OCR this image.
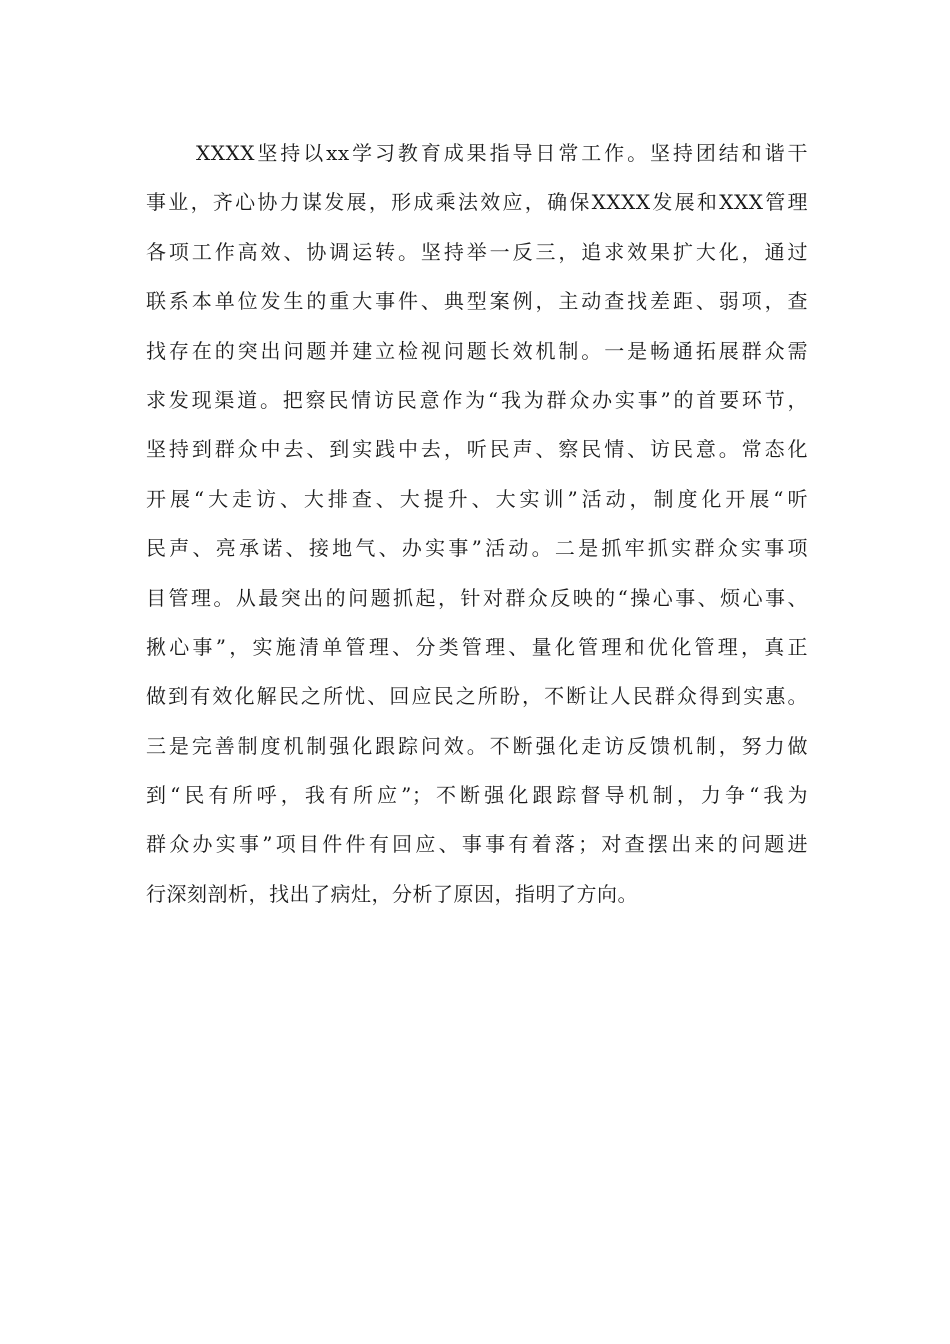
XXXX坚持以xx学习教育成果指导日常工作。坚持团结和谐干
事业，齐心协力谋发展，形成乘法效应，确保XXXX发展和XXX管理
各项工作高效、协调运转。坚持举一反三，追求效果扩大化，通过
联系本单位发生的重大事件、典型案例，主动查找差距、弱项，查
找存在的突出问题并建立检视问题长效机制。一是畅通拓展群众需
求发现渠道。把察民情访民意作为“我为群众办实事”的首要环节，
坚持到群众中去、到实践中去，听民声、察民情、访民意。常态化
开展“大走访、大排查、大提升、大实训”活动，制度化开展“听
民声、亮承诺、接地气、办实事”活动。二是抓牢抓实群众实事项
目管理。从最突出的问题抓起，针对群众反映的“操心事、烦心事、
揪心事”，实施清单管理、分类管理、量化管理和优化管理，真正
做到有效化解民之所忧、回应民之所盼，不断让人民群众得到实惠。
三是完善制度机制强化跟踪问效。不断强化走访反馈机制，努力做
到“民有所呼，我有所应”；不断强化跟踪督导机制，力争“我为
群众办实事”项目件件有回应、事事有着落；对查摆出来的问题进
行深刻剖析，找出了病灶，分析了原因，指明了方向。
